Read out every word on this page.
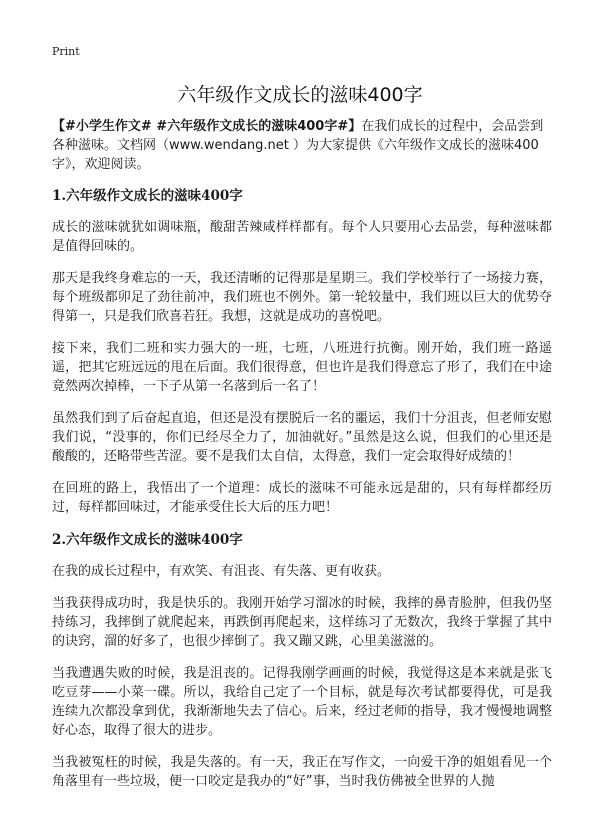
Print
六年级作文成长的滋味400字

【#小学生作文# #六年级作文成长的滋味400字#】在我们成长的过程中，会品尝到各种滋味。文档网（www.wendang.net ）为大家提供《六年级作文成长的滋味400字》，欢迎阅读。

1.六年级作文成长的滋味400字

成长的滋味就犹如调味瓶，酸甜苦辣咸样样都有。每个人只要用心去品尝，每种滋味都是值得回味的。

那天是我终身难忘的一天，我还清晰的记得那是星期三。我们学校举行了一场接力赛，每个班级都卯足了劲往前冲，我们班也不例外。第一轮较量中，我们班以巨大的优势夺得第一，只是我们欣喜若狂。我想，这就是成功的喜悦吧。

接下来，我们二班和实力强大的一班，七班，八班进行抗衡。刚开始，我们班一路遥遥，把其它班远远的甩在后面。我们很得意，但也许是我们得意忘了形了，我们在中途竟然两次掉棒，一下子从第一名落到后一名了！

虽然我们到了后奋起直追，但还是没有摆脱后一名的噩运，我们十分沮丧，但老师安慰我们说，“没事的，你们已经尽全力了，加油就好。”虽然是这么说，但我们的心里还是酸酸的，还略带些苦涩。要不是我们太自信，太得意，我们一定会取得好成绩的！

在回班的路上，我悟出了一个道理：成长的滋味不可能永远是甜的，只有每样都经历过，每样都回味过，才能承受住长大后的压力吧！

2.六年级作文成长的滋味400字

在我的成长过程中，有欢笑、有沮丧、有失落、更有收获。

当我获得成功时，我是快乐的。我刚开始学习溜冰的时候，我摔的鼻青脸肿，但我仍坚持练习，我摔倒了就爬起来，再跌倒再爬起来，这样练习了无数次，我终于掌握了其中的诀窍，溜的好多了，也很少摔倒了。我又蹦又跳，心里美滋滋的。

当我遭遇失败的时候，我是沮丧的。记得我刚学画画的时候，我觉得这是本来就是张飞吃豆芽——小菜一碟。所以，我给自己定了一个目标，就是每次考试都要得优，可是我连续九次都没拿到优，我渐渐地失去了信心。后来，经过老师的指导，我才慢慢地调整好心态，取得了很大的进步。

当我被冤枉的时候，我是失落的。有一天，我正在写作文，一向爱干净的姐姐看见一个角落里有一些垃圾，便一口咬定是我办的“好”事，当时我仿佛被全世界的人抛
